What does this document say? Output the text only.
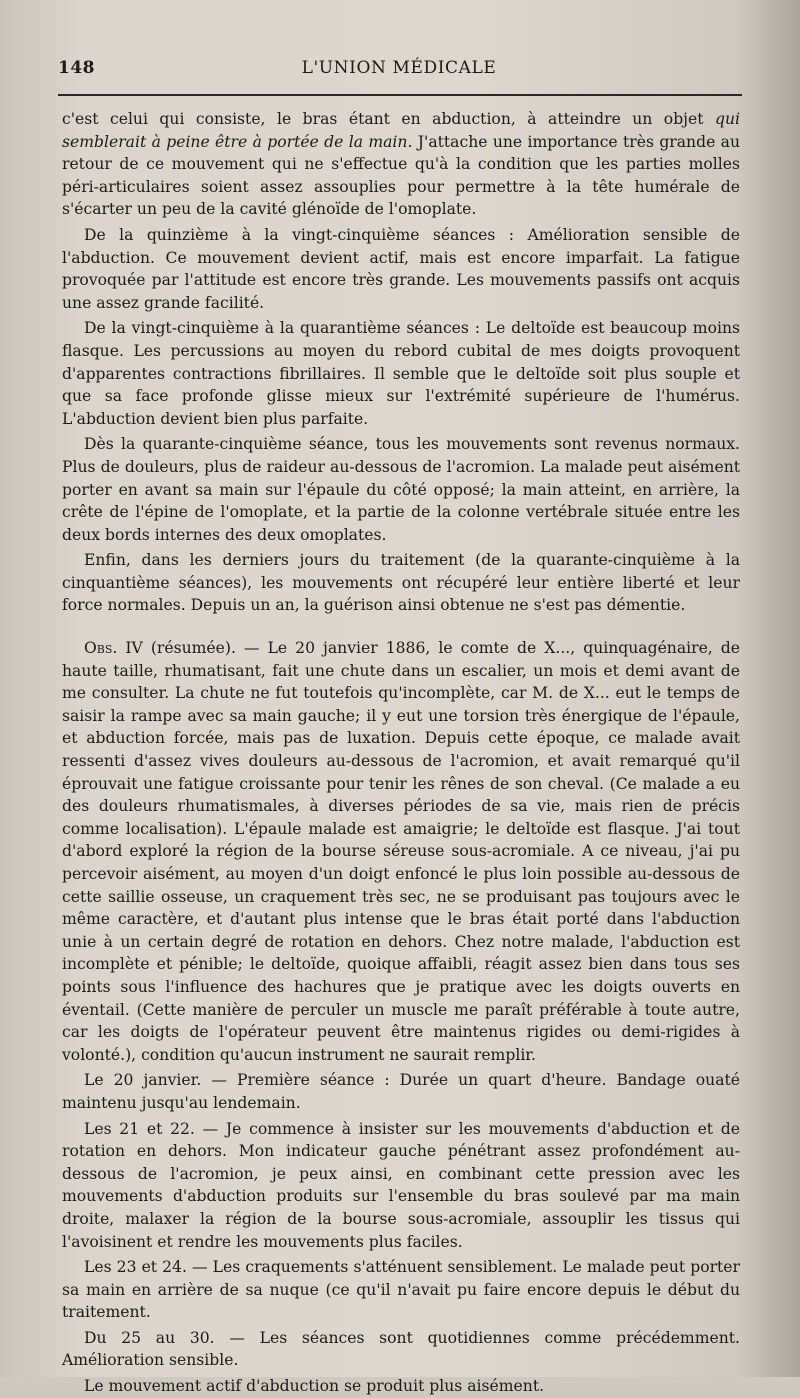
148	L'UNION MÉDICALE

c'est celui qui consiste, le bras étant en abduction, à atteindre un objet qui semblerait à peine être à portée de la main. J'attache une importance très grande au retour de ce mouvement qui ne s'effectue qu'à la condition que les parties molles péri-articulaires soient assez assouplies pour permettre à la tête humérale de s'écarter un peu de la cavité glénoïde de l'omoplate.

De la quinzième à la vingt-cinquième séances : Amélioration sensible de l'abduction. Ce mouvement devient actif, mais est encore imparfait. La fatigue provoquée par l'attitude est encore très grande. Les mouvements passifs ont acquis une assez grande facilité.

De la vingt-cinquième à la quarantième séances : Le deltoïde est beaucoup moins flasque. Les percussions au moyen du rebord cubital de mes doigts provoquent d'apparentes contractions fibrillaires. Il semble que le deltoïde soit plus souple et que sa face profonde glisse mieux sur l'extrémité supérieure de l'humérus. L'abduction devient bien plus parfaite.

Dès la quarante-cinquième séance, tous les mouvements sont revenus normaux. Plus de douleurs, plus de raideur au-dessous de l'acromion. La malade peut aisément porter en avant sa main sur l'épaule du côté opposé; la main atteint, en arrière, la crête de l'épine de l'omoplate, et la partie de la colonne vertébrale située entre les deux bords internes des deux omoplates.

Enfin, dans les derniers jours du traitement (de la quarante-cinquième à la cinquantième séances), les mouvements ont récupéré leur entière liberté et leur force normales. Depuis un an, la guérison ainsi obtenue ne s'est pas démentie.

Obs. IV (résumée). — Le 20 janvier 1886, le comte de X..., quinquagénaire, de haute taille, rhumatisant, fait une chute dans un escalier, un mois et demi avant de me consulter. La chute ne fut toutefois qu'incomplète, car M. de X... eut le temps de saisir la rampe avec sa main gauche; il y eut une torsion très énergique de l'épaule, et abduction forcée, mais pas de luxation. Depuis cette époque, ce malade avait ressenti d'assez vives douleurs au-dessous de l'acromion, et avait remarqué qu'il éprouvait une fatigue croissante pour tenir les rênes de son cheval. (Ce malade a eu des douleurs rhumatismales, à diverses périodes de sa vie, mais rien de précis comme localisation). L'épaule malade est amaigrie; le deltoïde est flasque. J'ai tout d'abord exploré la région de la bourse séreuse sous-acromiale. A ce niveau, j'ai pu percevoir aisément, au moyen d'un doigt enfoncé le plus loin possible au-dessous de cette saillie osseuse, un craquement très sec, ne se produisant pas toujours avec le même caractère, et d'autant plus intense que le bras était porté dans l'abduction unie à un certain degré de rotation en dehors. Chez notre malade, l'abduction est incomplète et pénible; le deltoïde, quoique affaibli, réagit assez bien dans tous ses points sous l'influence des hachures que je pratique avec les doigts ouverts en éventail. (Cette manière de perculer un muscle me paraît préférable à toute autre, car les doigts de l'opérateur peuvent être maintenus rigides ou demi-rigides à volonté.), condition qu'aucun instrument ne saurait remplir.

Le 20 janvier. — Première séance : Durée un quart d'heure. Bandage ouaté maintenu jusqu'au lendemain.

Les 21 et 22. — Je commence à insister sur les mouvements d'abduction et de rotation en dehors. Mon indicateur gauche pénétrant assez profondément au-dessous de l'acromion, je peux ainsi, en combinant cette pression avec les mouvements d'abduction produits sur l'ensemble du bras soulevé par ma main droite, malaxer la région de la bourse sous-acromiale, assouplir les tissus qui l'avoisinent et rendre les mouvements plus faciles.

Les 23 et 24. — Les craquements s'atténuent sensiblement. Le malade peut porter sa main en arrière de sa nuque (ce qu'il n'avait pu faire encore depuis le début du traitement.

Du 25 au 30. — Les séances sont quotidiennes comme précédemment. Amélioration sensible.

Le mouvement actif d'abduction se produit plus aisément.
